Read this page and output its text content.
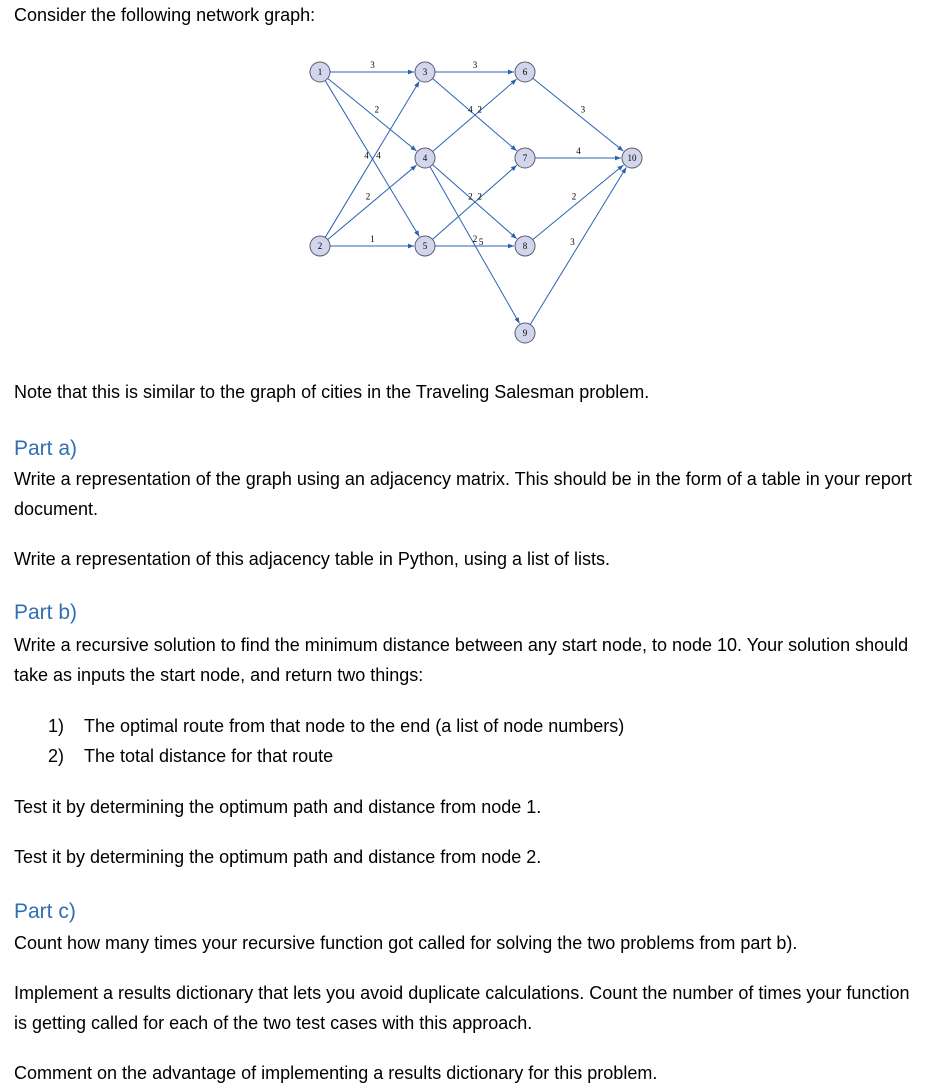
Consider the following network graph:
3
2
4
4
2
1
3
2
4
2
5
2
2
3
4
2
3
1
2
3
4
5
6
7
8
9
10
Note that this is similar to the graph of cities in the Traveling Salesman problem.
Part a)
Write a representation of the graph using an adjacency matrix. This should be in the form of a table in your report document.
Write a representation of this adjacency table in Python, using a list of lists.
Part b)
Write a recursive solution to find the minimum distance between any start node, to node 10. Your solution should take as inputs the start node, and return two things:
1) The optimal route from that node to the end (a list of node numbers)
2) The total distance for that route
Test it by determining the optimum path and distance from node 1.
Test it by determining the optimum path and distance from node 2.
Part c)
Count how many times your recursive function got called for solving the two problems from part b).
Implement a results dictionary that lets you avoid duplicate calculations. Count the number of times your function is getting called for each of the two test cases with this approach.
Comment on the advantage of implementing a results dictionary for this problem.
